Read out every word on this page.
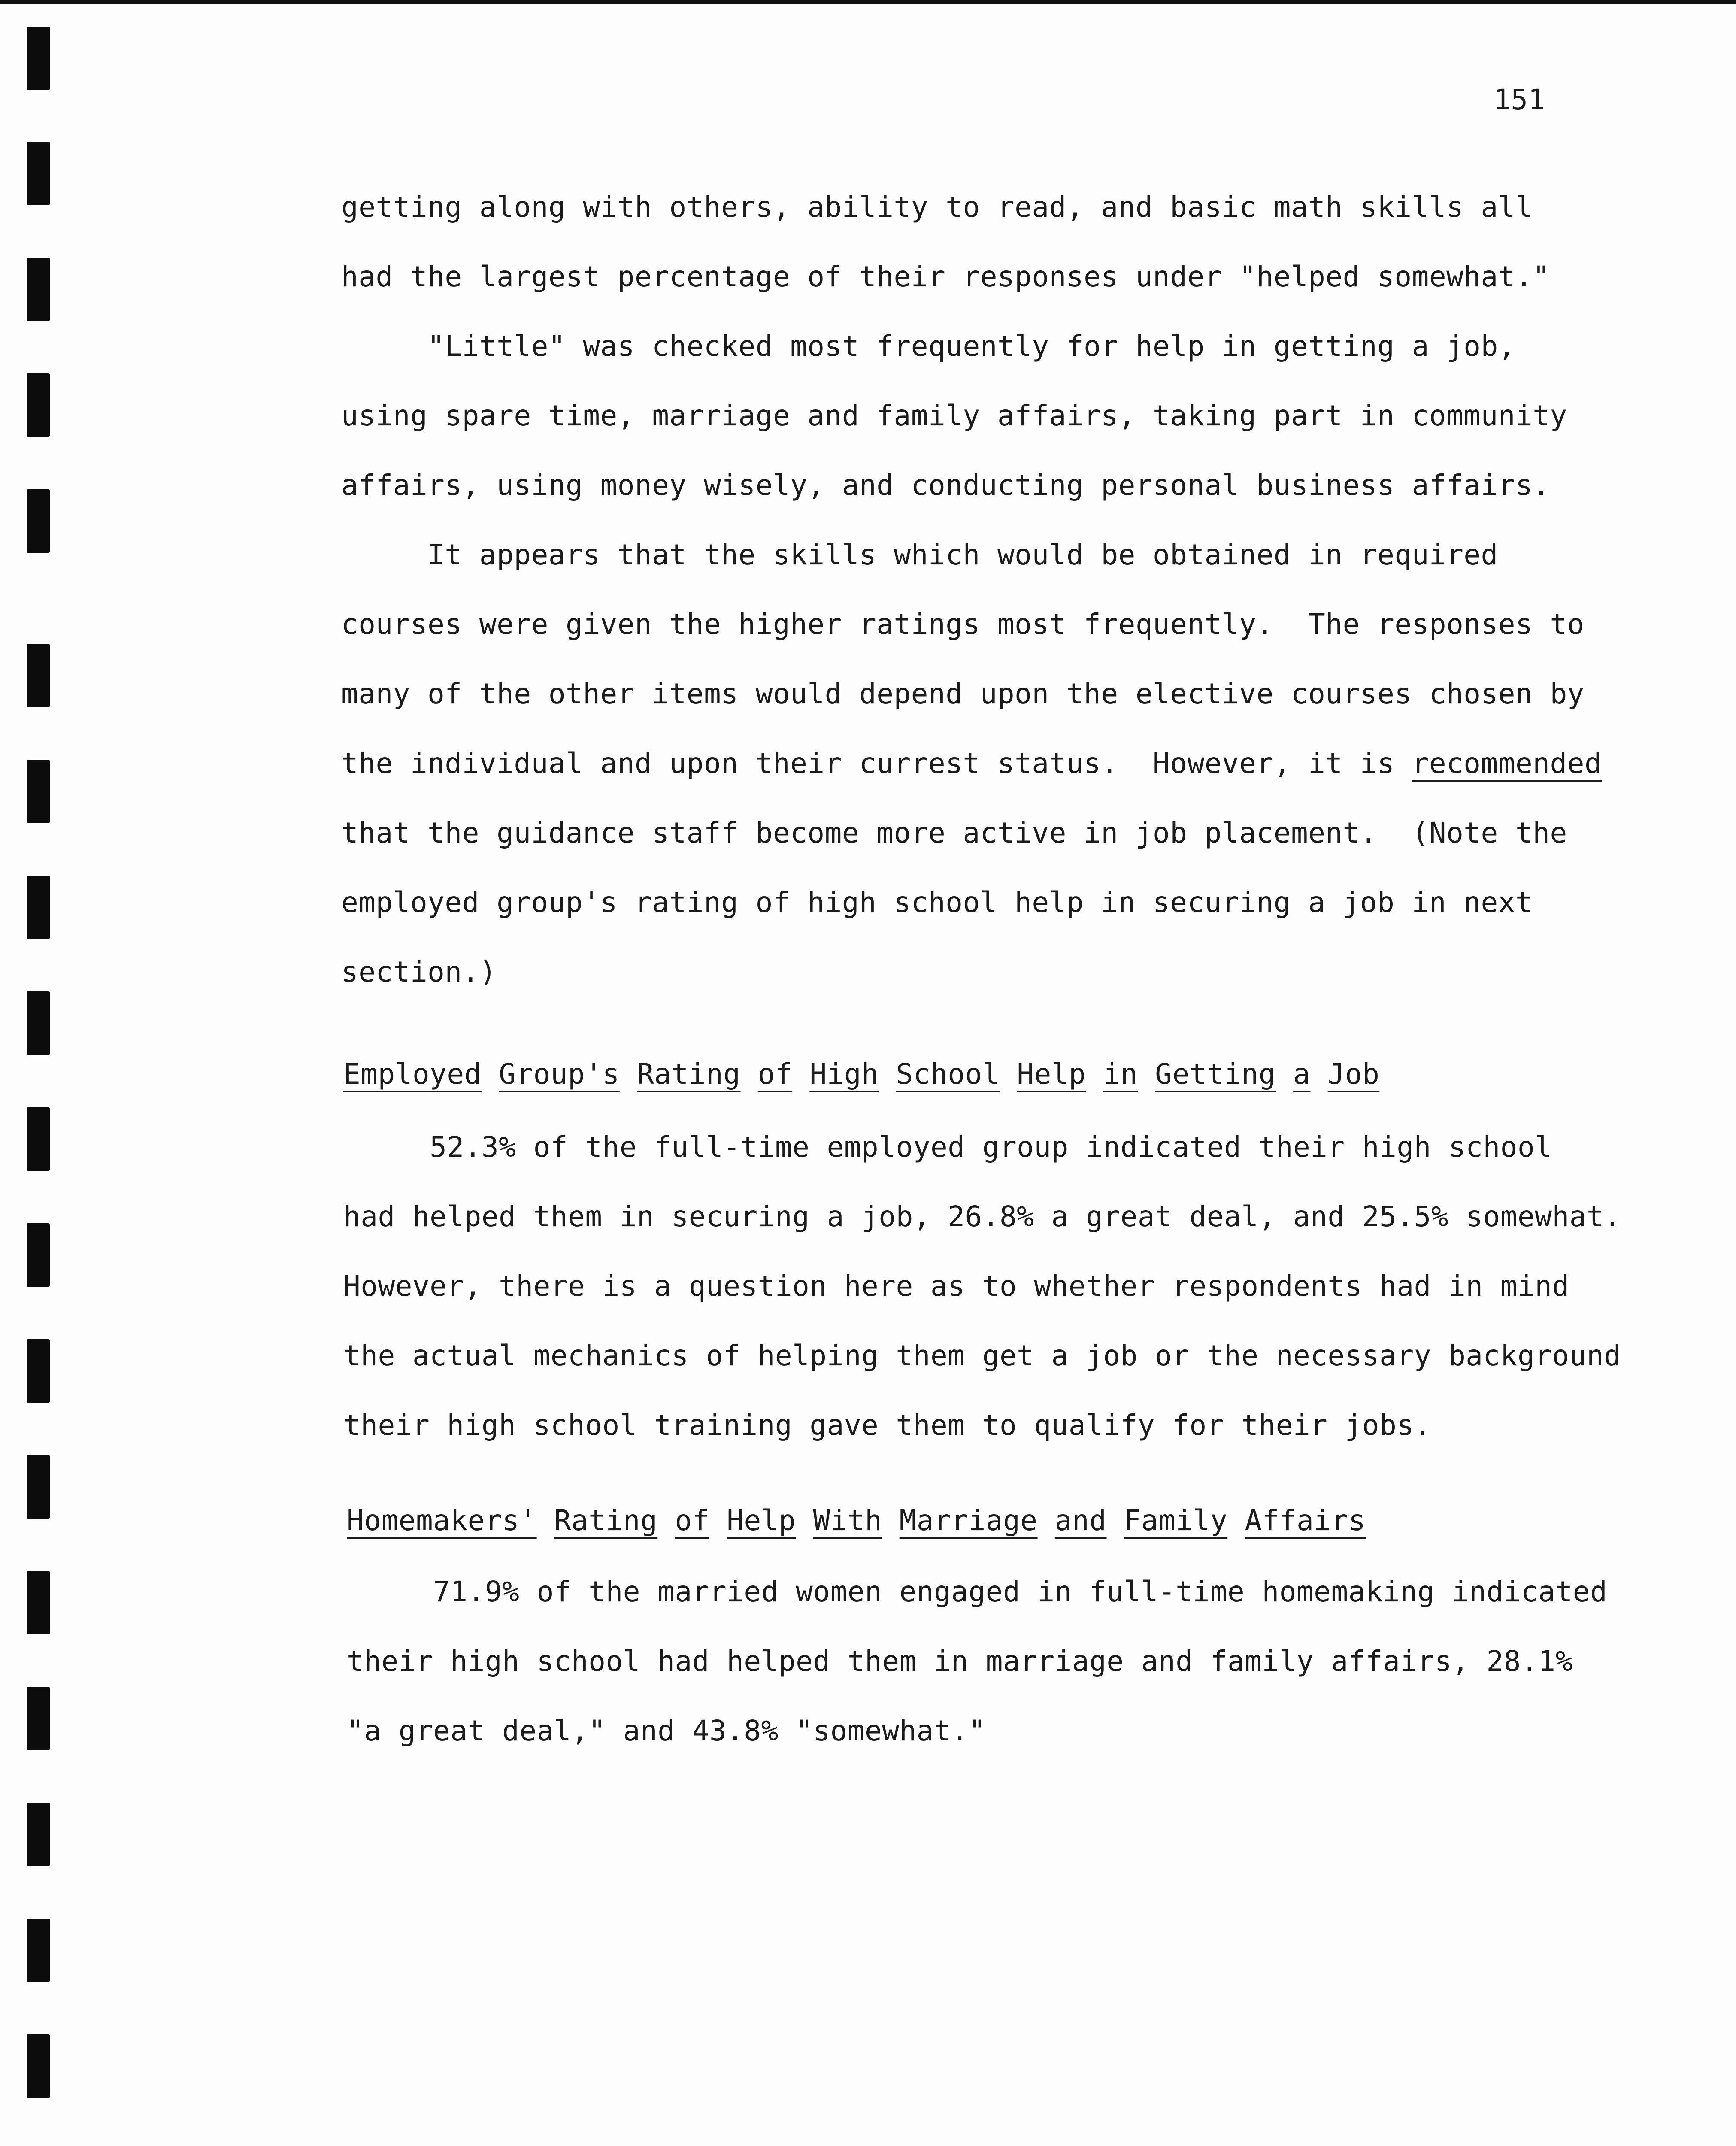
151
getting along with others, ability to read, and basic math skills all
had the largest percentage of their responses under "helped somewhat."
"Little" was checked most frequently for help in getting a job,
using spare time, marriage and family affairs, taking part in community
affairs, using money wisely, and conducting personal business affairs.
It appears that the skills which would be obtained in required
courses were given the higher ratings most frequently.  The responses to
many of the other items would depend upon the elective courses chosen by
the individual and upon their currest status.  However, it is recommended
that the guidance staff become more active in job placement.  (Note the
employed group's rating of high school help in securing a job in next
section.)
Employed Group's Rating of High School Help in Getting a Job
52.3% of the full-time employed group indicated their high school
had helped them in securing a job, 26.8% a great deal, and 25.5% somewhat.
However, there is a question here as to whether respondents had in mind
the actual mechanics of helping them get a job or the necessary background
their high school training gave them to qualify for their jobs.
Homemakers' Rating of Help With Marriage and Family Affairs
71.9% of the married women engaged in full-time homemaking indicated
their high school had helped them in marriage and family affairs, 28.1%
"a great deal," and 43.8% "somewhat."
